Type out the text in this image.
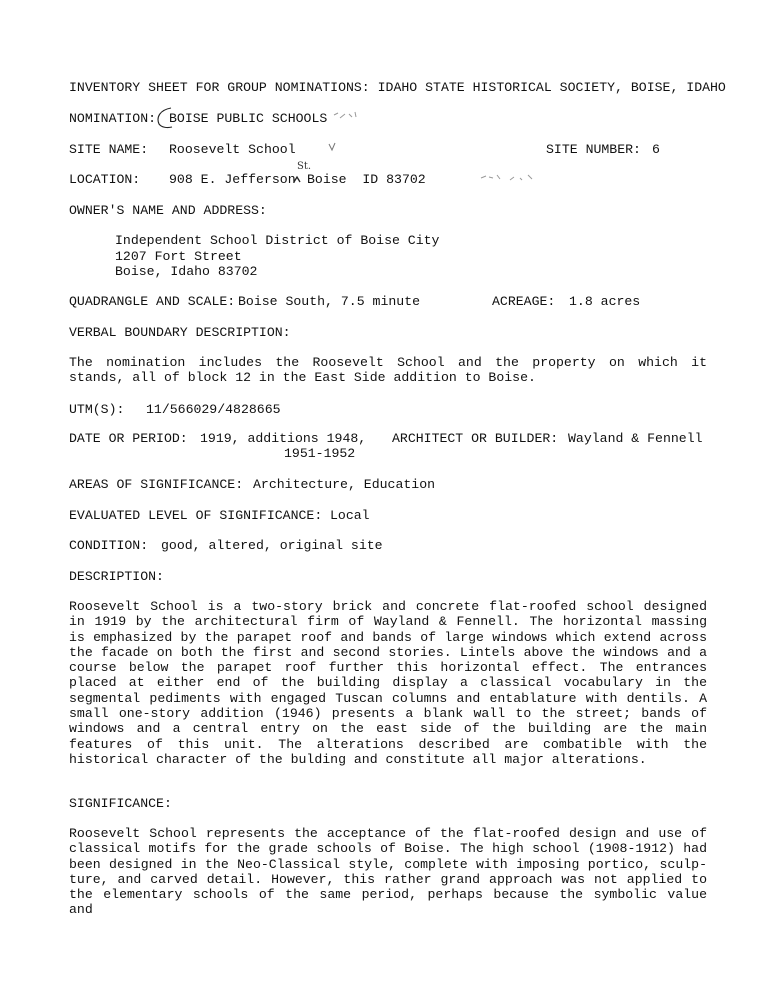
INVENTORY SHEET FOR GROUP NOMINATIONS: IDAHO STATE HISTORICAL SOCIETY, BOISE, IDAHO
NOMINATION: BOISE PUBLIC SCHOOLS
SITE NAME: Roosevelt School	SITE NUMBER: 6
LOCATION: 908 E. Jefferson Boise  ID 83702
St.
OWNER'S NAME AND ADDRESS:
Independent School District of Boise City
1207 Fort Street
Boise, Idaho 83702
QUADRANGLE AND SCALE: Boise South, 7.5 minute	ACREAGE: 1.8 acres
VERBAL BOUNDARY DESCRIPTION:
The nomination includes the Roosevelt School and the property on which it stands, all of block 12 in the East Side addition to Boise.
UTM(S): 11/566029/4828665
DATE OR PERIOD: 1919, additions 1948,
1951-1952
ARCHITECT OR BUILDER: Wayland & Fennell
AREAS OF SIGNIFICANCE: Architecture, Education
EVALUATED LEVEL OF SIGNIFICANCE: Local
CONDITION: good, altered, original site
DESCRIPTION:
Roosevelt School is a two-story brick and concrete flat-roofed school designed in 1919 by the architectural firm of Wayland & Fennell. The horizontal massing is emphasized by the parapet roof and bands of large windows which extend across the facade on both the first and second stories. Lintels above the windows and a course below the parapet roof further this horizontal effect. The entrances placed at either end of the building display a classical vocabulary in the segmental pediments with engaged Tuscan columns and entablature with dentils. A small one-story addition (1946) presents a blank wall to the street; bands of windows and a central entry on the east side of the building are the main features of this unit. The alterations described are combatible with the historical character of the bulding and constitute all major alterations.
SIGNIFICANCE:
Roosevelt School represents the acceptance of the flat-roofed design and use of classical motifs for the grade schools of Boise. The high school (1908-1912) had been designed in the Neo-Classical style, complete with imposing portico, sculpture, and carved detail. However, this rather grand approach was not applied to the elementary schools of the same period, perhaps because the symbolic value and
